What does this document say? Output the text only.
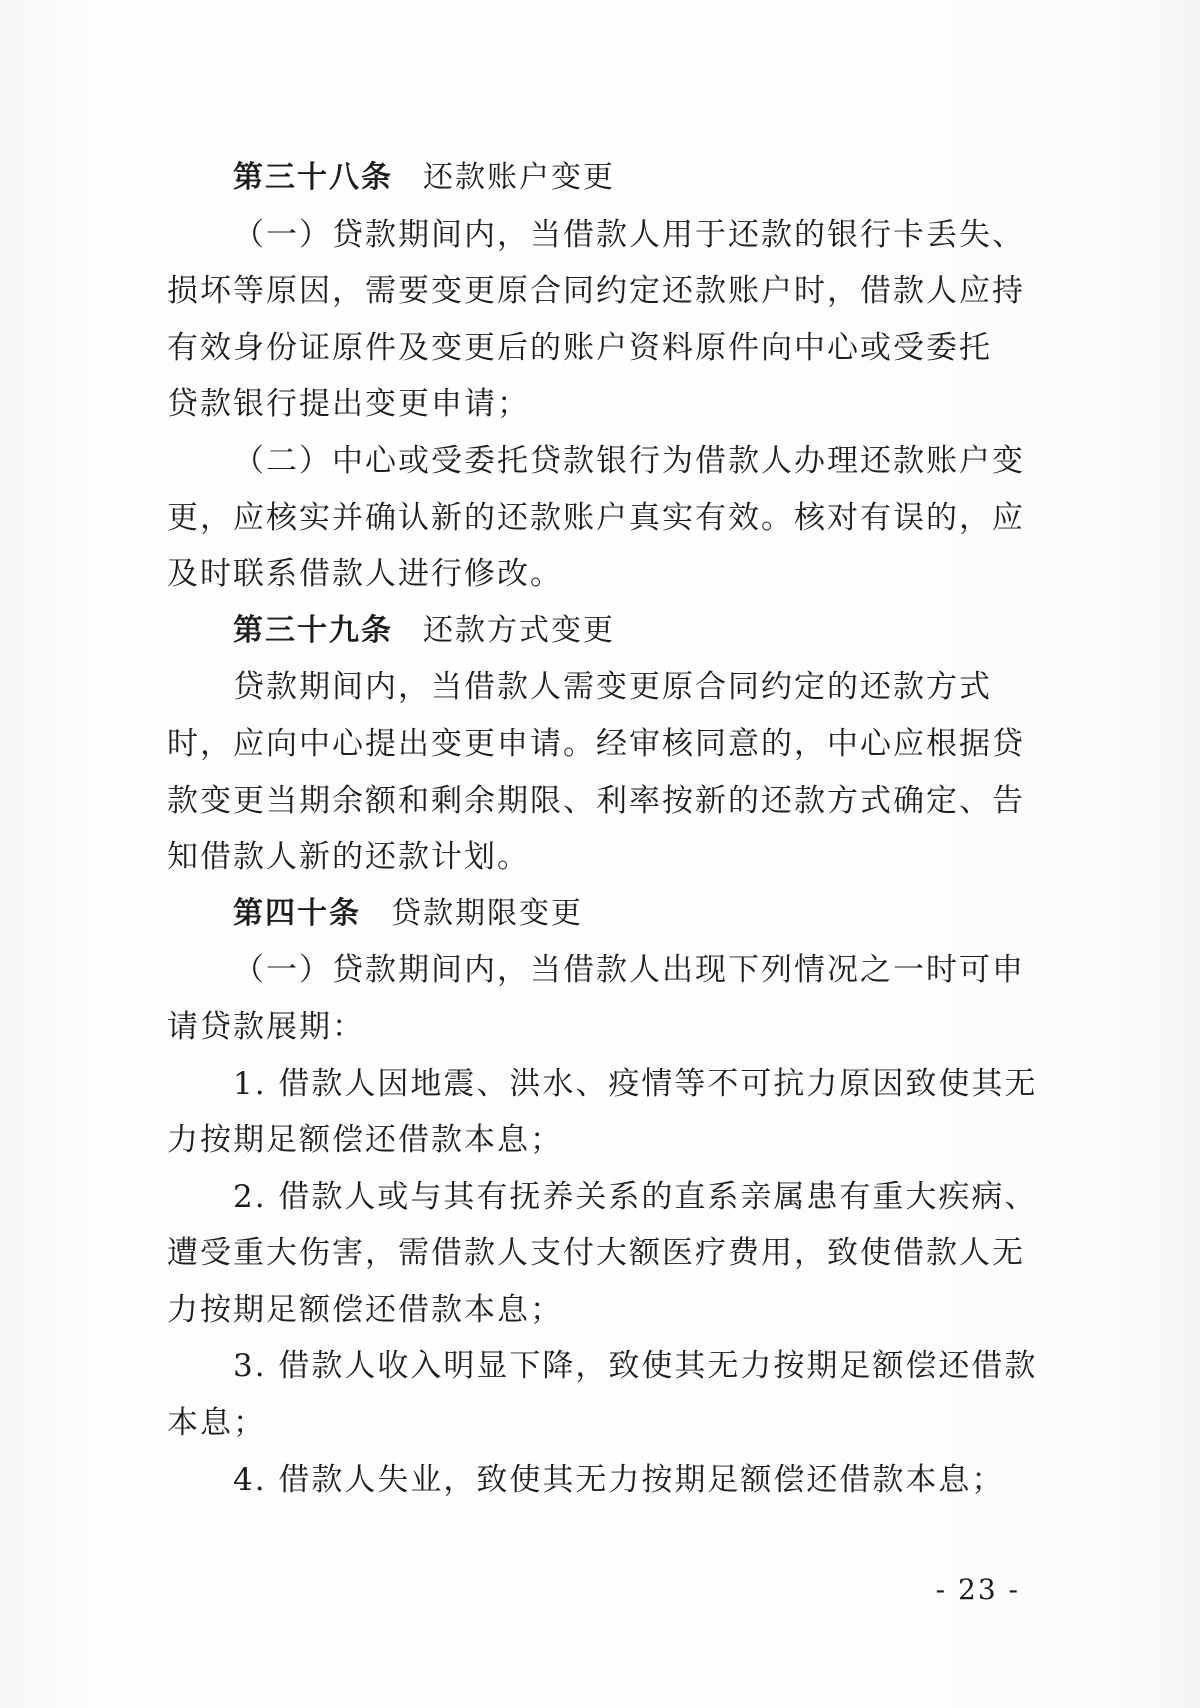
第三十八条 还款账户变更
（一）贷款期间内，当借款人用于还款的银行卡丢失、
损坏等原因，需要变更原合同约定还款账户时，借款人应持
有效身份证原件及变更后的账户资料原件向中心或受委托
贷款银行提出变更申请；
（二）中心或受委托贷款银行为借款人办理还款账户变
更，应核实并确认新的还款账户真实有效。核对有误的，应
及时联系借款人进行修改。
第三十九条 还款方式变更
贷款期间内，当借款人需变更原合同约定的还款方式
时，应向中心提出变更申请。经审核同意的，中心应根据贷
款变更当期余额和剩余期限、利率按新的还款方式确定、告
知借款人新的还款计划。
第四十条 贷款期限变更
（一）贷款期间内，当借款人出现下列情况之一时可申
请贷款展期：
1. 借款人因地震、洪水、疫情等不可抗力原因致使其无
力按期足额偿还借款本息；
2. 借款人或与其有抚养关系的直系亲属患有重大疾病、
遭受重大伤害，需借款人支付大额医疗费用，致使借款人无
力按期足额偿还借款本息；
3. 借款人收入明显下降，致使其无力按期足额偿还借款
本息；
4. 借款人失业，致使其无力按期足额偿还借款本息；
- 23 -
